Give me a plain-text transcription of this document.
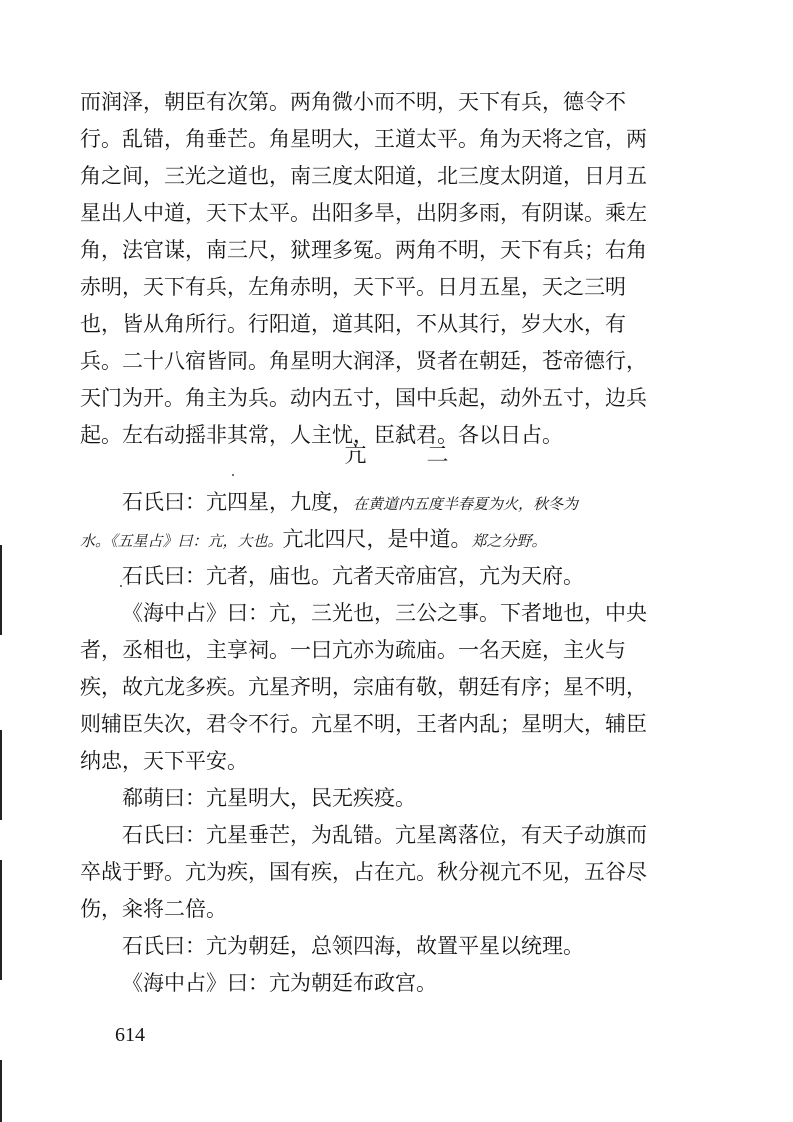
而润泽，朝臣有次第。两角微小而不明，天下有兵，德令不
行。乱错，角垂芒。角星明大，王道太平。角为天将之官，两
角之间，三光之道也，南三度太阳道，北三度太阴道，日月五
星出人中道，天下太平。出阳多旱，出阴多雨，有阴谋。乘左
角，法官谋，南三尺，狱理多冤。两角不明，天下有兵；右角
赤明，天下有兵，左角赤明，天下平。日月五星，天之三明
也，皆从角所行。行阳道，道其阳，不从其行，岁大水，有
兵。二十八宿皆同。角星明大润泽，贤者在朝廷，苍帝德行，
天门为开。角主为兵。动内五寸，国中兵起，动外五寸，边兵
起。左右动摇非其常，人主忧，臣弑君。各以日占。
亢	二
石氏曰：亢四星，九度，在黄道内五度半春夏为火，秋冬为
水。《五星占》曰：亢，大也。亢北四尺，是中道。郑之分野。
石氏曰：亢者，庙也。亢者天帝庙宫，亢为天府。
《海中占》曰：亢，三光也，三公之事。下者地也，中央
者，丞相也，主享祠。一曰亢亦为疏庙。一名天庭，主火与
疾，故亢龙多疾。亢星齐明，宗庙有敬，朝廷有序；星不明，
则辅臣失次，君令不行。亢星不明，王者内乱；星明大，辅臣
纳忠，天下平安。
郗萌曰：亢星明大，民无疾疫。
石氏曰：亢星垂芒，为乱错。亢星离落位，有天子动旗而
卒战于野。亢为疾，国有疾，占在亢。秋分视亢不见，五谷尽
伤，籴将二倍。
石氏曰：亢为朝廷，总领四海，故置平星以统理。
《海中占》曰：亢为朝廷布政宫。
614
